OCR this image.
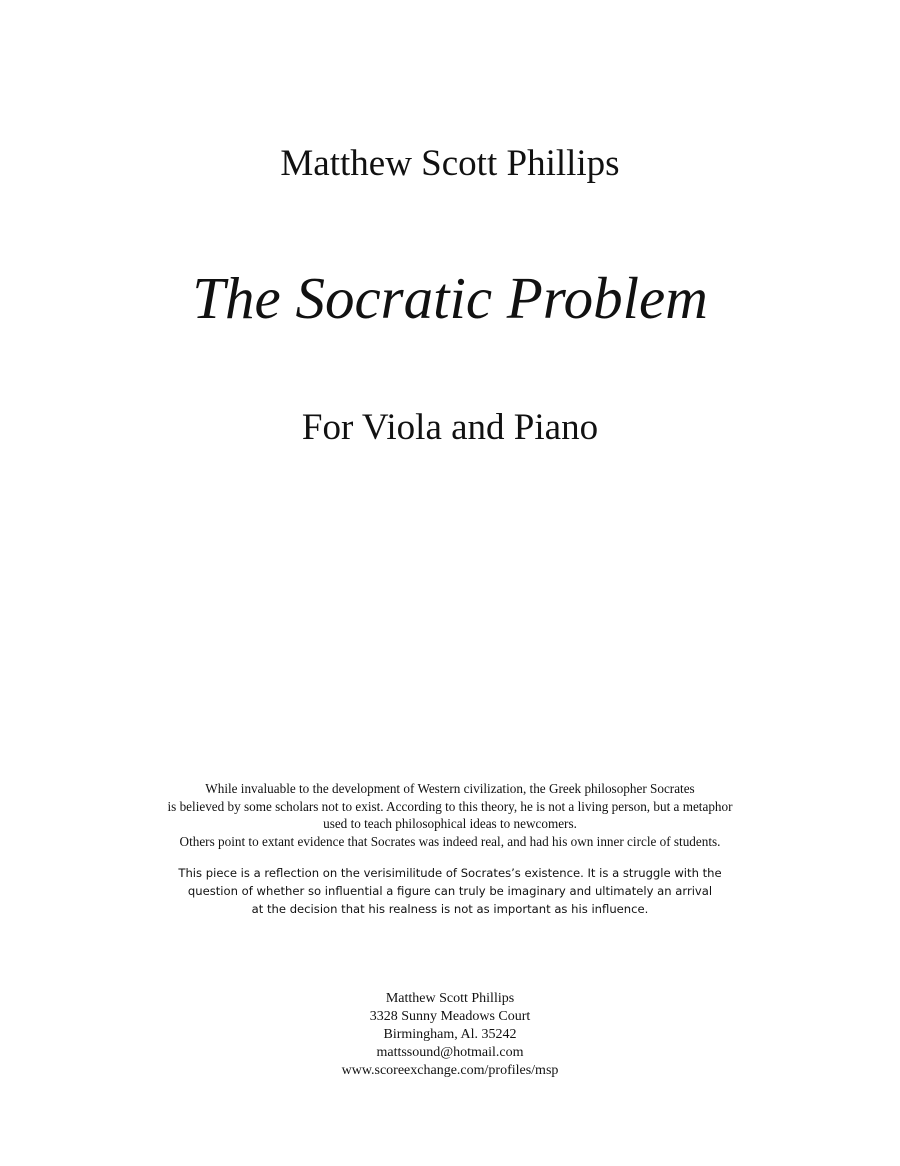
Matthew Scott Phillips
The Socratic Problem
For Viola and Piano
While invaluable to the development of Western civilization, the Greek philosopher Socrates
is believed by some scholars not to exist. According to this theory, he is not a living person, but a metaphor
used to teach philosophical ideas to newcomers.
Others point to extant evidence that Socrates was indeed real, and had his own inner circle of students.
This piece is a reflection on the verisimilitude of Socrates’s existence. It is a struggle with the
question of whether so influential a figure can truly be imaginary and ultimately an arrival
at the decision that his realness is not as important as his influence.
Matthew Scott Phillips
3328 Sunny Meadows Court
Birmingham, Al. 35242
mattssound@hotmail.com
www.scoreexchange.com/profiles/msp
